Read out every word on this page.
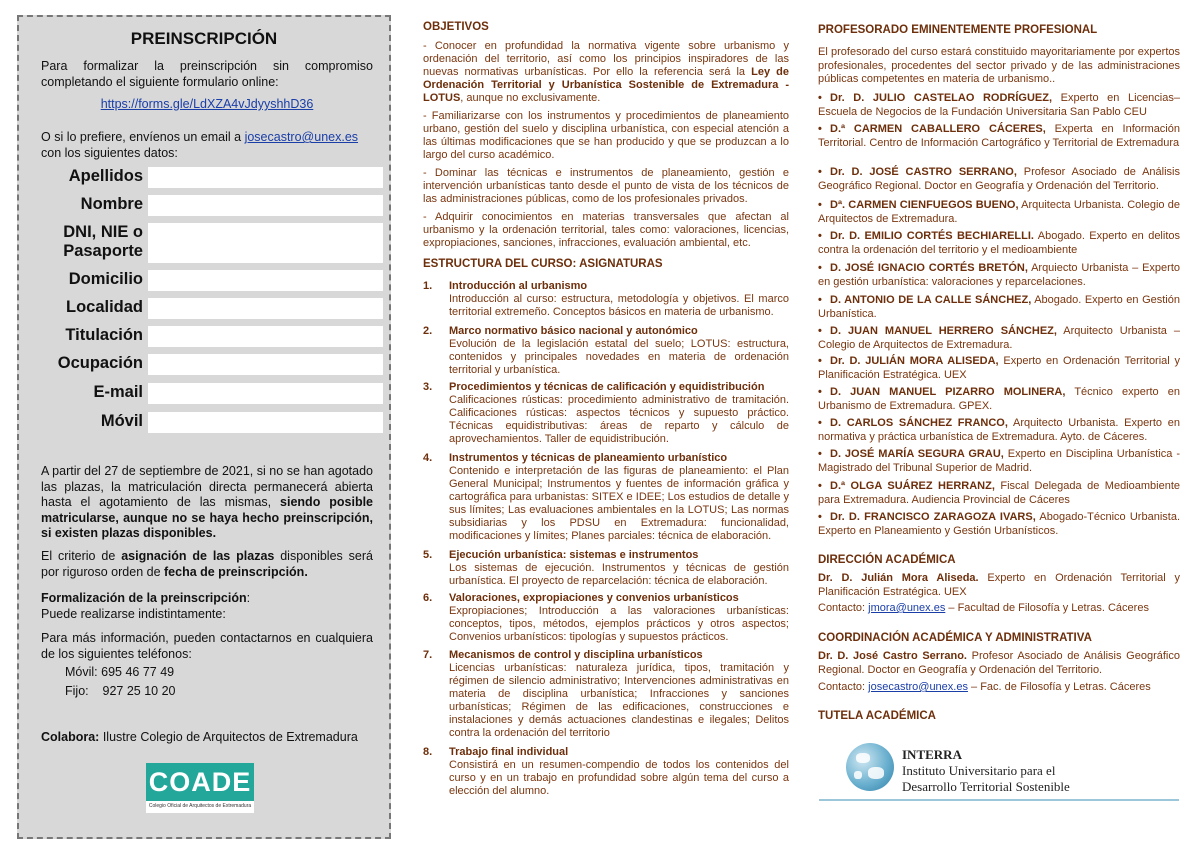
PREINSCRIPCIÓN
Para formalizar la preinscripción sin compromiso completando el siguiente formulario online:
https://forms.gle/LdXZA4vJdyyshhD36
O si lo prefiere, envíenos un email a josecastro@unex.es con los siguientes datos:
Apellidos
Nombre
DNI, NIE o Pasaporte
Domicilio
Localidad
Titulación
Ocupación
E-mail
Móvil
A partir del 27 de septiembre de 2021, si no se han agotado las plazas, la matriculación directa permanecerá abierta hasta el agotamiento de las mismas, siendo posible matricularse, aunque no se haya hecho preinscripción, si existen plazas disponibles.
El criterio de asignación de las plazas disponibles será por riguroso orden de fecha de preinscripción.
Formalización de la preinscripción:
Puede realizarse indistintamente:
Para más información, pueden contactarnos en cualquiera de los siguientes teléfonos:
Móvil: 695 46 77 49
Fijo:    927 25 10 20
Colabora: Ilustre Colegio de Arquitectos de Extremadura
COADE
Colegio Oficial de Arquitectos de Extremadura
OBJETIVOS
- Conocer en profundidad la normativa vigente sobre urbanismo y ordenación del territorio, así como los principios inspiradores de las nuevas normativas urbanísticas. Por ello la referencia será la Ley de Ordenación Territorial y Urbanística Sostenible de Extremadura - LOTUS, aunque no exclusivamente.
- Familiarizarse con los instrumentos y procedimientos de planeamiento urbano, gestión del suelo y disciplina urbanística, con especial atención a las últimas modificaciones que se han producido y que se produzcan a lo largo del curso académico.
- Dominar las técnicas e instrumentos de planeamiento, gestión e intervención urbanísticas tanto desde el punto de vista de los técnicos de las administraciones públicas, como de los profesionales privados.
- Adquirir conocimientos en materias transversales que afectan al urbanismo y la ordenación territorial, tales como: valoraciones, licencias, expropiaciones, sanciones, infracciones, evaluación ambiental, etc.
ESTRUCTURA DEL CURSO: ASIGNATURAS
1. Introducción al urbanismo
Introducción al curso: estructura, metodología y objetivos. El marco territorial extremeño. Conceptos básicos en materia de urbanismo.
2. Marco normativo básico nacional y autonómico
Evolución de la legislación estatal del suelo; LOTUS: estructura, contenidos y principales novedades en materia de ordenación territorial y urbanística.
3. Procedimientos y técnicas de calificación y equidistribución
Calificaciones rústicas: procedimiento administrativo de tramitación. Calificaciones rústicas: aspectos técnicos y supuesto práctico. Técnicas equidistributivas: áreas de reparto y cálculo de aprovechamientos. Taller de equidistribución.
4. Instrumentos y técnicas de planeamiento urbanístico
Contenido e interpretación de las figuras de planeamiento: el Plan General Municipal; Instrumentos y fuentes de información gráfica y cartográfica para urbanistas: SITEX e IDEE; Los estudios de detalle y sus límites; Las evaluaciones ambientales en la LOTUS; Las normas subsidiarias y los PDSU en Extremadura: funcionalidad, modificaciones y límites; Planes parciales: técnica de elaboración.
5. Ejecución urbanística: sistemas e instrumentos
Los sistemas de ejecución. Instrumentos y técnicas de gestión urbanística. El proyecto de reparcelación: técnica de elaboración.
6. Valoraciones, expropiaciones y convenios urbanísticos
Expropiaciones; Introducción a las valoraciones urbanísticas: conceptos, tipos, métodos, ejemplos prácticos y otros aspectos; Convenios urbanísticos: tipologías y supuestos prácticos.
7. Mecanismos de control y disciplina urbanísticos
Licencias urbanísticas: naturaleza jurídica, tipos, tramitación y régimen de silencio administrativo; Intervenciones administrativas en materia de disciplina urbanística; Infracciones y sanciones urbanísticas; Régimen de las edificaciones, construcciones e instalaciones y demás actuaciones clandestinas e ilegales; Delitos contra la ordenación del territorio
8. Trabajo final individual
Consistirá en un resumen-compendio de todos los contenidos del curso y en un trabajo en profundidad sobre algún tema del curso a elección del alumno.
PROFESORADO EMINENTEMENTE PROFESIONAL
El profesorado del curso estará constituido mayoritariamente por expertos profesionales, procedentes del sector privado y de las administraciones públicas competentes en materia de urbanismo..
• Dr. D. JULIO CASTELAO RODRÍGUEZ, Experto en Licencias– Escuela de Negocios de la Fundación Universitaria San Pablo CEU
• D.ª CARMEN CABALLERO CÁCERES, Experta en Información Territorial. Centro de Información Cartográfico y Territorial de Extremadura
• Dr. D. JOSÉ CASTRO SERRANO, Profesor Asociado de Análisis Geográfico Regional. Doctor en Geografía y Ordenación del Territorio.
• Dª. CARMEN CIENFUEGOS BUENO, Arquitecta Urbanista. Colegio de Arquitectos de Extremadura.
• Dr. D. EMILIO CORTÉS BECHIARELLI. Abogado. Experto en delitos contra la ordenación del territorio y el medioambiente
• D. JOSÉ IGNACIO CORTÉS BRETÓN, Arquiecto Urbanista – Experto en gestión urbanística: valoraciones y reparcelaciones.
• D. ANTONIO DE LA CALLE SÁNCHEZ, Abogado. Experto en Gestión Urbanística.
• D. JUAN MANUEL HERRERO SÁNCHEZ, Arquitecto Urbanista – Colegio de Arquitectos de Extremadura.
• Dr. D. JULIÁN MORA ALISEDA, Experto en Ordenación Territorial y Planificación Estratégica. UEX
• D. JUAN MANUEL PIZARRO MOLINERA, Técnico experto en Urbanismo de Extremadura. GPEX.
• D. CARLOS SÁNCHEZ FRANCO, Arquitecto Urbanista. Experto en normativa y práctica urbanística de Extremadura. Ayto. de Cáceres.
• D. JOSÉ MARÍA SEGURA GRAU, Experto en Disciplina Urbanística - Magistrado del Tribunal Superior de Madrid.
• D.ª OLGA SUÁREZ HERRANZ, Fiscal Delegada de Medioambiente para Extremadura. Audiencia Provincial de Cáceres
• Dr. D. FRANCISCO ZARAGOZA IVARS, Abogado-Técnico Urbanista. Experto en Planeamiento y Gestión Urbanísticos.
DIRECCIÓN ACADÉMICA
Dr. D. Julián Mora Aliseda. Experto en Ordenación Territorial y Planificación Estratégica. UEX
Contacto: jmora@unex.es – Facultad de Filosofía y Letras. Cáceres
COORDINACIÓN ACADÉMICA Y ADMINISTRATIVA
Dr. D. José Castro Serrano. Profesor Asociado de Análisis Geográfico Regional. Doctor en Geografía y Ordenación del Territorio.
Contacto: josecastro@unex.es – Fac. de Filosofía y Letras. Cáceres
TUTELA ACADÉMICA
INTERRA
Instituto Universitario para el
Desarrollo Territorial Sostenible
